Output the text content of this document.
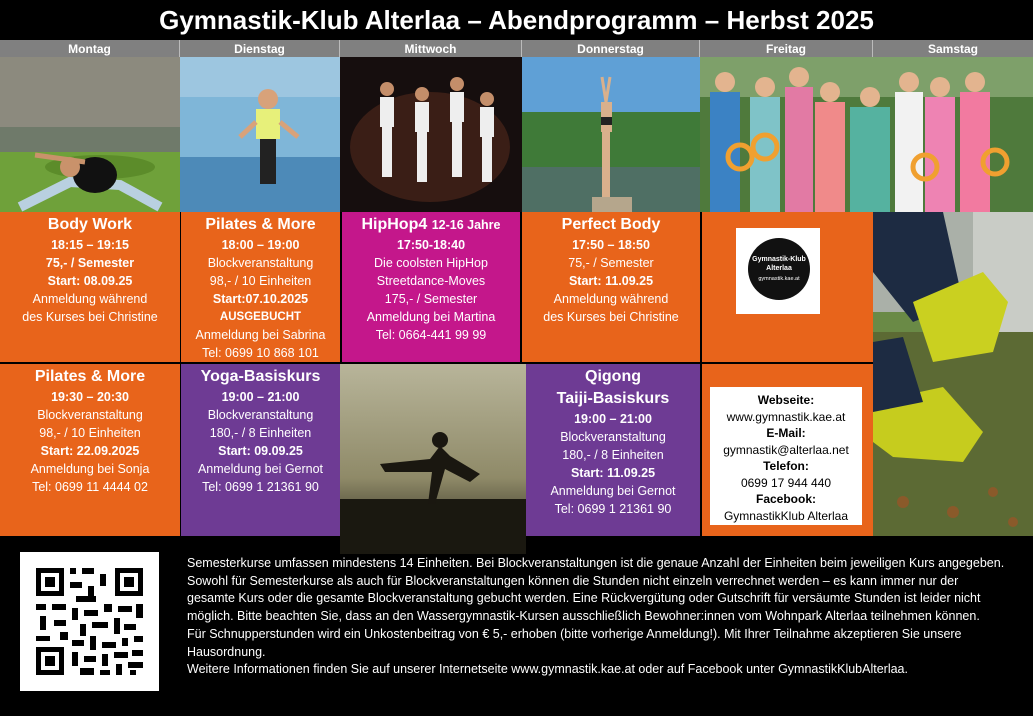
Gymnastik-Klub Alterlaa – Abendprogramm – Herbst 2025
Montag	Dienstag	Mittwoch	Donnerstag	Freitag	Samstag
Body Work
18:15 – 19:15
75,- / Semester
Start: 08.09.25
Anmeldung während
des Kurses bei Christine
Pilates & More
18:00 – 19:00
Blockveranstaltung
98,- / 10 Einheiten
Start:07.10.2025
AUSGEBUCHT
Anmeldung bei Sabrina
Tel: 0699 10 868 101
HipHop4 12-16 Jahre
17:50-18:40
Die coolsten HipHop
Streetdance-Moves
175,- / Semester
Anmeldung bei Martina
Tel: 0664-441 99 99
Perfect Body
17:50 – 18:50
75,- / Semester
Start: 11.09.25
Anmeldung während
des Kurses bei Christine
Gymnastik-Klub
Alterlaa
gymnastik.kae.at
Pilates & More
19:30 – 20:30
Blockveranstaltung
98,- / 10 Einheiten
Start: 22.09.2025
Anmeldung bei Sonja
Tel: 0699 11 4444 02
Yoga-Basiskurs
19:00 – 21:00
Blockveranstaltung
180,- / 8 Einheiten
Start: 09.09.25
Anmeldung bei Gernot
Tel: 0699 1 21361 90
Qigong
Taiji-Basiskurs
19:00 – 21:00
Blockveranstaltung
180,- / 8 Einheiten
Start: 11.09.25
Anmeldung bei Gernot
Tel: 0699 1 21361 90
Webseite:
www.gymnastik.kae.at
E-Mail:
gymnastik@alterlaa.net
Telefon:
0699 17 944 440
Facebook:
GymnastikKlub Alterlaa
Semesterkurse umfassen mindestens 14 Einheiten. Bei Blockveranstaltungen ist die genaue Anzahl der Einheiten beim jeweiligen Kurs angegeben. Sowohl für Semesterkurse als auch für Blockveranstaltungen können die Stunden nicht einzeln verrechnet werden – es kann immer nur der gesamte Kurs oder die gesamte Blockveranstaltung gebucht werden. Eine Rückvergütung oder Gutschrift für versäumte Stunden ist leider nicht möglich. Bitte beachten Sie, dass an den Wassergymnastik-Kursen ausschließlich Bewohner:innen vom Wohnpark Alterlaa teilnehmen können.
Für Schnupperstunden wird ein Unkostenbeitrag von € 5,- erhoben (bitte vorherige Anmeldung!). Mit Ihrer Teilnahme akzeptieren Sie unsere Hausordnung.
Weitere Informationen finden Sie auf unserer Internetseite www.gymnastik.kae.at oder auf Facebook unter GymnastikKlubAlterlaa.
